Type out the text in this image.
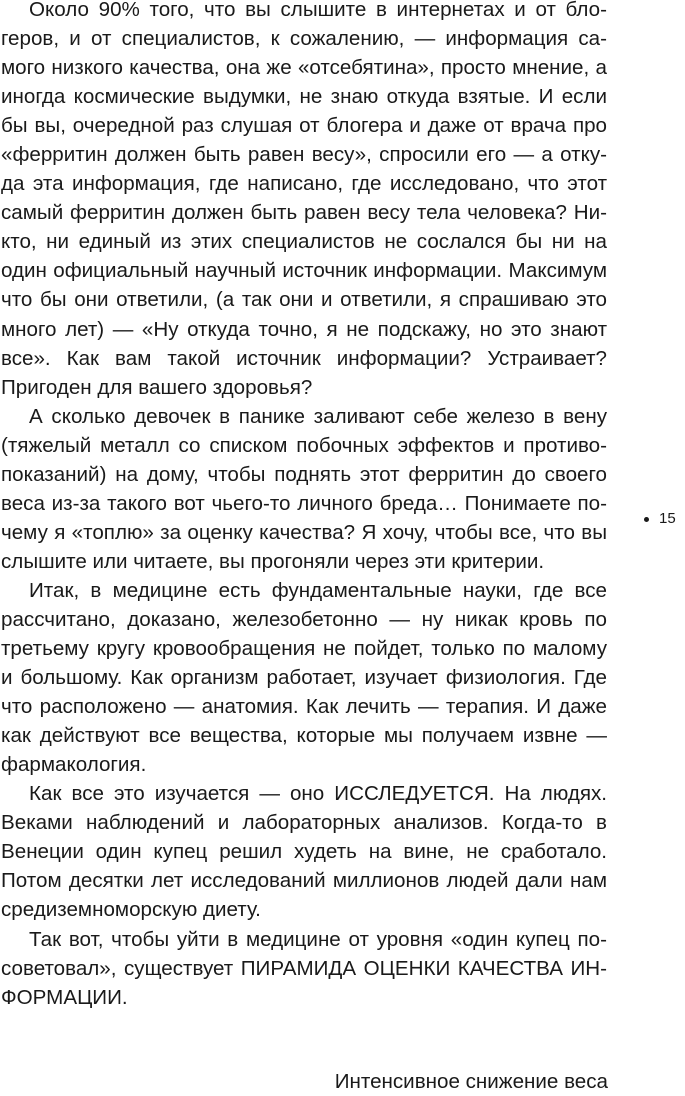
Около 90% того, что вы слышите в интернетах и от блогеров, и от специалистов, к сожалению, — информация самого низкого качества, она же «отсебятина», просто мнение, а иногда космические выдумки, не знаю откуда взятые. И если бы вы, очередной раз слушая от блогера и даже от врача про «ферритин должен быть равен весу», спросили его — а откуда эта информация, где написано, где исследовано, что этот самый ферритин должен быть равен весу тела человека? Никто, ни единый из этих специалистов не сослался бы ни на один официальный научный источник информации. Максимум что бы они ответили, (а так они и ответили, я спрашиваю это много лет) — «Ну откуда точно, я не подскажу, но это знают все». Как вам такой источник информации? Устраивает? Пригоден для вашего здоровья?

А сколько девочек в панике заливают себе железо в вену (тяжелый металл со списком побочных эффектов и противопоказаний) на дому, чтобы поднять этот ферритин до своего веса из-за такого вот чьего-то личного бреда… Понимаете почему я «топлю» за оценку качества? Я хочу, чтобы все, что вы слышите или читаете, вы прогоняли через эти критерии.

Итак, в медицине есть фундаментальные науки, где все рассчитано, доказано, железобетонно — ну никак кровь по третьему кругу кровообращения не пойдет, только по малому и большому. Как организм работает, изучает физиология. Где что расположено — анатомия. Как лечить — терапия. И даже как действуют все вещества, которые мы получаем извне — фармакология.

Как все это изучается — оно ИССЛЕДУЕТСЯ. На людях. Веками наблюдений и лабораторных анализов. Когда-то в Венеции один купец решил худеть на вине, не сработало. Потом десятки лет исследований миллионов людей дали нам средиземноморскую диету.

Так вот, чтобы уйти в медицине от уровня «один купец посоветовал», существует ПИРАМИДА ОЦЕНКИ КАЧЕСТВА ИНФОРМАЦИИ.

15
Интенсивное снижение веса
